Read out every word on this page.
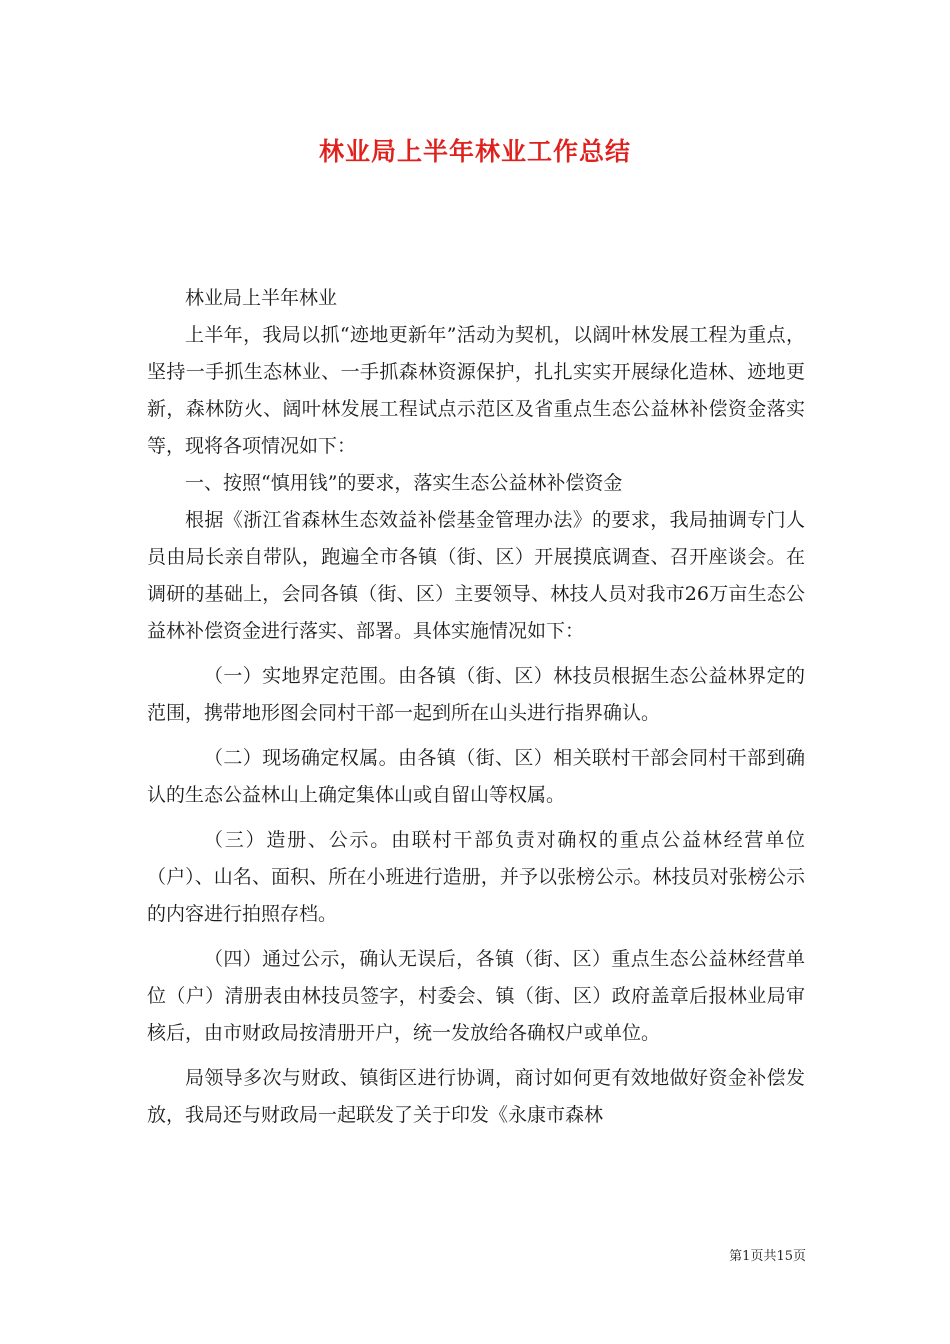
林业局上半年林业工作总结

林业局上半年林业

上半年，我局以抓“迹地更新年”活动为契机，以阔叶林发展工程为重点，坚持一手抓生态林业、一手抓森林资源保护，扎扎实实开展绿化造林、迹地更新，森林防火、阔叶林发展工程试点示范区及省重点生态公益林补偿资金落实等，现将各项情况如下：

一、按照“慎用钱”的要求，落实生态公益林补偿资金

根据《浙江省森林生态效益补偿基金管理办法》的要求，我局抽调专门人员由局长亲自带队，跑遍全市各镇（街、区）开展摸底调查、召开座谈会。在调研的基础上，会同各镇（街、区）主要领导、林技人员对我市26万亩生态公益林补偿资金进行落实、部署。具体实施情况如下：

（一）实地界定范围。由各镇（街、区）林技员根据生态公益林界定的范围，携带地形图会同村干部一起到所在山头进行指界确认。

（二）现场确定权属。由各镇（街、区）相关联村干部会同村干部到确认的生态公益林山上确定集体山或自留山等权属。

（三）造册、公示。由联村干部负责对确权的重点公益林经营单位（户）、山名、面积、所在小班进行造册，并予以张榜公示。林技员对张榜公示的内容进行拍照存档。

（四）通过公示，确认无误后，各镇（街、区）重点生态公益林经营单位（户）清册表由林技员签字，村委会、镇（街、区）政府盖章后报林业局审核后，由市财政局按清册开户，统一发放给各确权户或单位。

局领导多次与财政、镇街区进行协调，商讨如何更有效地做好资金补偿发放，我局还与财政局一起联发了关于印发《永康市森林

第1页共15页
